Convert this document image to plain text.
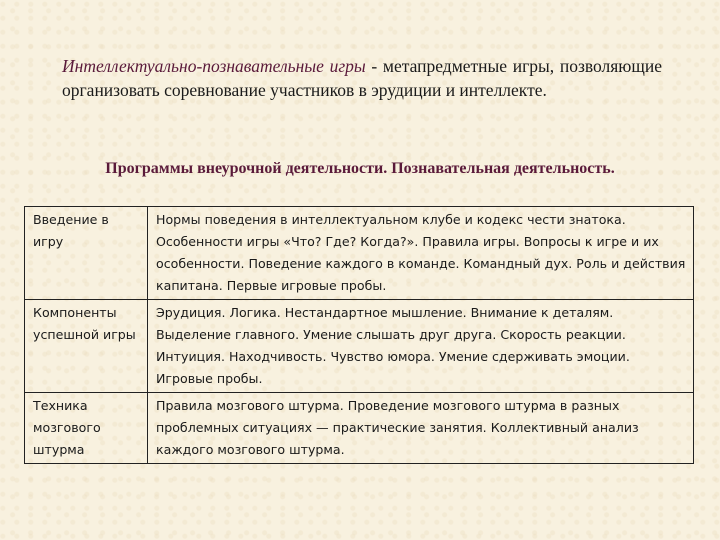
Интеллектуально-познавательные игры - метапредметные игры, позволяющие организовать соревнование участников в эрудиции и интеллекте.
Программы внеурочной деятельности. Познавательная деятельность.
Введение в игру	Нормы поведения в интеллектуальном клубе и кодекс чести знатока. Особенности игры «Что? Где? Когда?». Правила игры. Вопросы к игре и их особенности. Поведение каждого в команде. Командный дух. Роль и действия капитана. Первые игровые пробы.
Компоненты успешной игры	Эрудиция. Логика. Нестандартное мышление. Внимание к деталям. Выделение главного. Умение слышать друг друга. Скорость реакции. Интуиция. Находчивость. Чувство юмора. Умение сдерживать эмоции. Игровые пробы.
Техника мозгового штурма	Правила мозгового штурма. Проведение мозгового штурма в разных проблемных ситуациях — практические занятия. Коллективный анализ каждого мозгового штурма.
